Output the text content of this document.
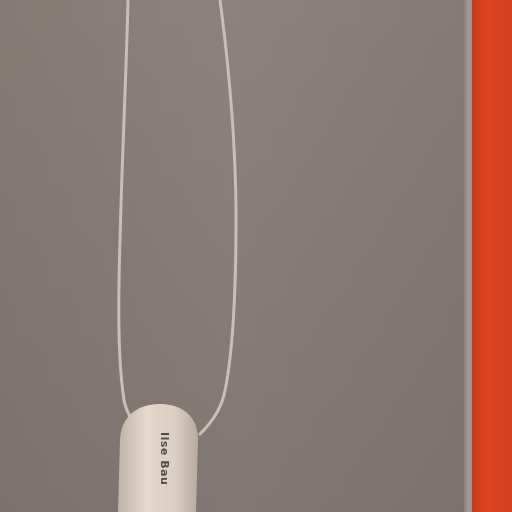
Ilse Bau
